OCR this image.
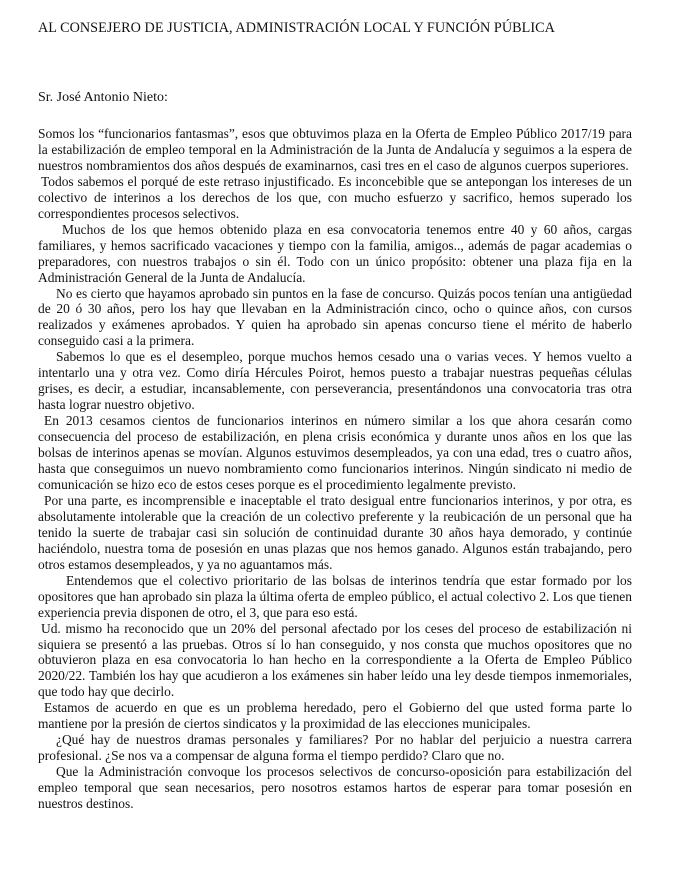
AL CONSEJERO DE JUSTICIA, ADMINISTRACIÓN LOCAL Y FUNCIÓN PÚBLICA
Sr. José Antonio Nieto:

Somos los “funcionarios fantasmas”, esos que obtuvimos plaza en la Oferta de Empleo Público 2017/19 para la estabilización de empleo temporal en la Administración de la Junta de Andalucía y seguimos a la espera de nuestros nombramientos dos años después de examinarnos, casi tres en el caso de algunos cuerpos superiores.

Todos sabemos el porqué de este retraso injustificado. Es inconcebible que se antepongan los intereses de un colectivo de interinos a los derechos de los que, con mucho esfuerzo y sacrifico, hemos superado los correspondientes procesos selectivos.

Muchos de los que hemos obtenido plaza en esa convocatoria tenemos entre 40 y 60 años, cargas familiares, y hemos sacrificado vacaciones y tiempo con la familia, amigos.., además de pagar academias o preparadores, con nuestros trabajos o sin él. Todo con un único propósito: obtener una plaza fija en la Administración General de la Junta de Andalucía.

No es cierto que hayamos aprobado sin puntos en la fase de concurso. Quizás pocos tenían una antigüedad de 20 ó 30 años, pero los hay que llevaban en la Administración cinco, ocho o quince años, con cursos realizados y exámenes aprobados. Y quien ha aprobado sin apenas concurso tiene el mérito de haberlo conseguido casi a la primera.

Sabemos lo que es el desempleo, porque muchos hemos cesado una o varias veces. Y hemos vuelto a intentarlo una y otra vez. Como diría Hércules Poirot, hemos puesto a trabajar nuestras pequeñas células grises, es decir, a estudiar, incansablemente, con perseverancia, presentándonos una convocatoria tras otra hasta lograr nuestro objetivo.

En 2013 cesamos cientos de funcionarios interinos en número similar a los que ahora cesarán como consecuencia del proceso de estabilización, en plena crisis económica y durante unos años en los que las bolsas de interinos apenas se movían. Algunos estuvimos desempleados, ya con una edad, tres o cuatro años, hasta que conseguimos un nuevo nombramiento como funcionarios interinos. Ningún sindicato ni medio de comunicación se hizo eco de estos ceses porque es el procedimiento legalmente previsto.

Por una parte, es incomprensible e inaceptable el trato desigual entre funcionarios interinos, y por otra, es absolutamente intolerable que la creación de un colectivo preferente y la reubicación de un personal que ha tenido la suerte de trabajar casi sin solución de continuidad durante 30 años haya demorado, y continúe haciéndolo, nuestra toma de posesión en unas plazas que nos hemos ganado. Algunos están trabajando, pero otros estamos desempleados, y ya no aguantamos más.

Entendemos que el colectivo prioritario de las bolsas de interinos tendría que estar formado por los opositores que han aprobado sin plaza la última oferta de empleo público, el actual colectivo 2. Los que tienen experiencia previa disponen de otro, el 3, que para eso está.

Ud. mismo ha reconocido que un 20% del personal afectado por los ceses del proceso de estabilización ni siquiera se presentó a las pruebas. Otros sí lo han conseguido, y nos consta que muchos opositores que no obtuvieron plaza en esa convocatoria lo han hecho en la correspondiente a la Oferta de Empleo Público 2020/22. También los hay que acudieron a los exámenes sin haber leído una ley desde tiempos inmemoriales, que todo hay que decirlo.

Estamos de acuerdo en que es un problema heredado, pero el Gobierno del que usted forma parte lo mantiene por la presión de ciertos sindicatos y la proximidad de las elecciones municipales.

¿Qué hay de nuestros dramas personales y familiares? Por no hablar del perjuicio a nuestra carrera profesional. ¿Se nos va a compensar de alguna forma el tiempo perdido? Claro que no.

Que la Administración convoque los procesos selectivos de concurso-oposición para estabilización del empleo temporal que sean necesarios, pero nosotros estamos hartos de esperar para tomar posesión en nuestros destinos.
